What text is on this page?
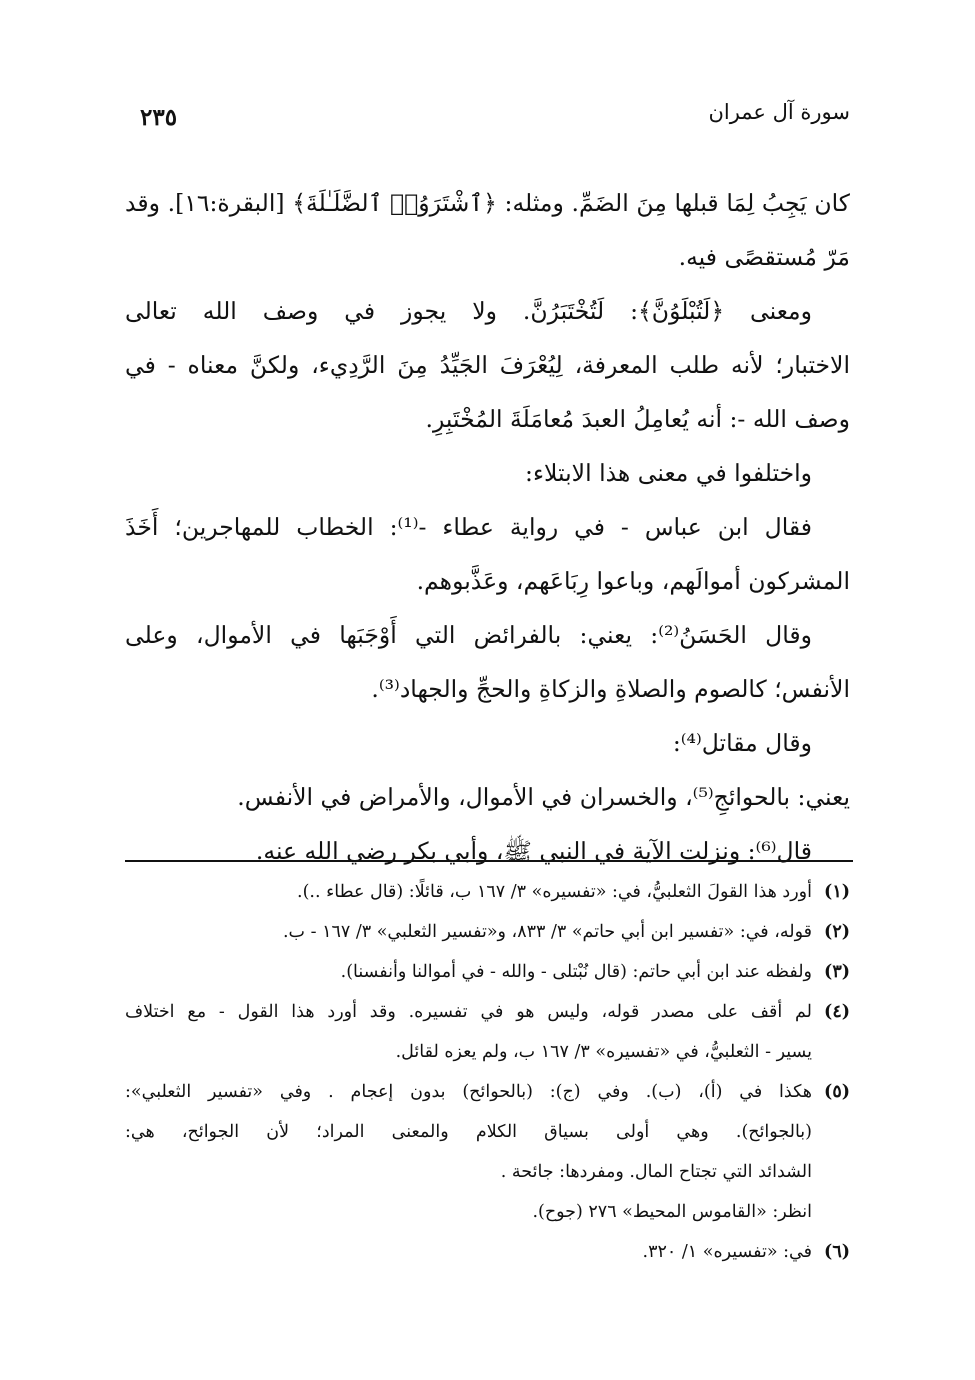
سورة آل عمران
٢٣٥
كان يَجِبُ لِمَا قبلها مِنَ الضَمِّ. ومثله: ﴿ٱشْتَرَوُا۟ ٱلضَّلَـٰلَةَ﴾ [البقرة:١٦]. وقد
مَرّ مُستقصًى فيه.
ومعنى ﴿لَتُبْلَوُنَّ﴾: لَتُخْتَبَرُنَّ. ولا يجوز في وصف الله تعالى
الاختبار؛ لأنه طلب المعرفة، لِيُعْرَفَ الجَيِّدُ مِنَ الرَّدِيء، ولكنَّ معناه - في
وصف الله -: أنه يُعامِلُ العبدَ مُعامَلَةَ المُخْتَبِرِ.
واختلفوا في معنى هذا الابتلاء:
فقال ابن عباس - في رواية عطاء -⁽¹⁾: الخطاب للمهاجرين؛ أَخَذَ
المشركون أموالَهم، وباعوا رِبَاعَهم، وعَذَّبوهم.
وقال الحَسَنُ⁽²⁾: يعني: بالفرائض التي أَوْجَبَها في الأموال، وعلى
الأنفس؛ كالصوم والصلاةِ والزكاةِ والحجِّ والجهاد⁽³⁾.
وقال مقاتل⁽⁴⁾:
يعني: بالحوائجِ⁽⁵⁾، والخسران في الأموال، والأمراض في الأنفس.
قال⁽⁶⁾: ونزلت الآية في النبي ﷺ، وأبي بكر رضي الله عنه.
(١)
أورد هذا القولَ الثعلبيُّ، في: «تفسيره» ٣/ ١٦٧ ب، قائلًا: (قال عطاء ..).
(٢)
قوله، في: «تفسير ابن أبي حاتم» ٣/ ٨٣٣، و«تفسير الثعلبي» ٣/ ١٦٧ - ب.
(٣)
ولفظه عند ابن أبي حاتم: (قال نُبْتلى - والله - في أموالنا وأنفسنا).
(٤)
لم أقف على مصدر قوله، وليس هو في تفسيره. وقد أورد هذا القول - مع اختلاف
يسير - الثعلبيُّ، في «تفسيره» ٣/ ١٦٧ ب، ولم يعزه لقائل.
(٥)
هكذا في (أ)، (ب). وفي (ج): (بالحوائح) بدون إعجام . وفي «تفسير الثعلبي»:
(بالجوائح). وهي أولى بسياق الكلام والمعنى المراد؛ لأن الجوائح، هي:
الشدائد التي تجتاح المال. ومفردها: جائحة .
انظر: «القاموس المحيط» ٢٧٦ (جوح).
(٦)
في: «تفسيره» ١/ ٣٢٠.
